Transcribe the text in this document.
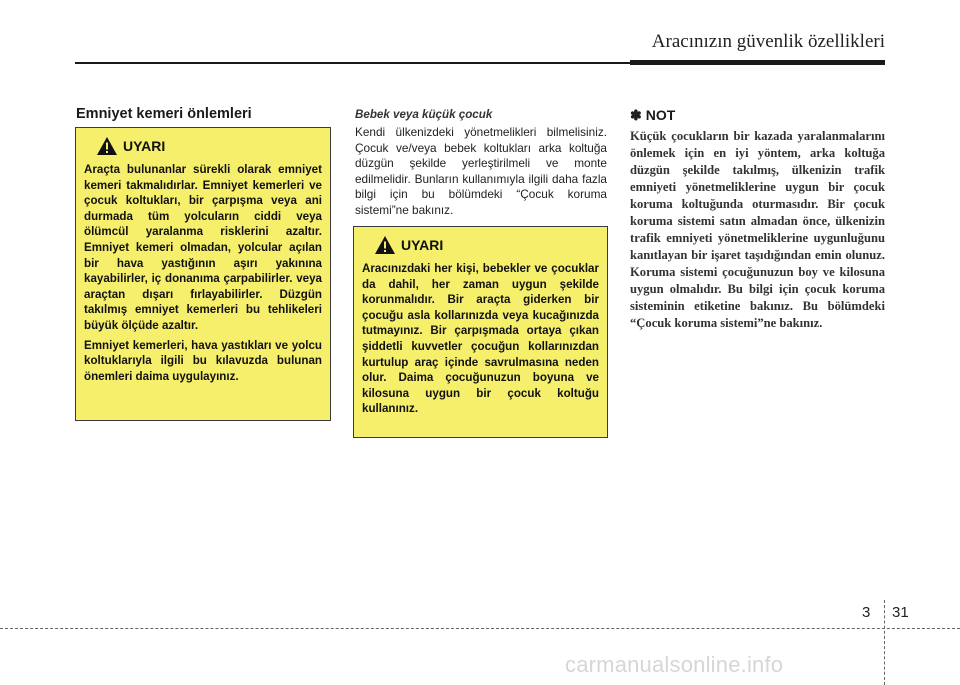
Aracınızın güvenlik özellikleri
Emniyet kemeri önlemleri
UYARI

Araçta bulunanlar sürekli olarak emniyet kemeri takmalıdırlar. Emniyet kemerleri ve çocuk koltukları, bir çarpışma veya ani durmada tüm yolcuların ciddi veya ölümcül yaralanma risklerini azaltır. Emniyet kemeri olmadan, yolcular açılan bir hava yastığının aşırı yakınına kayabilirler, iç donanıma çarpabilirler. veya araçtan dışarı fırlayabilirler. Düzgün takılmış emniyet kemerleri bu tehlikeleri büyük ölçüde azaltır.

Emniyet kemerleri, hava yastıkları ve yolcu koltuklarıyla ilgili bu kılavuzda bulunan önemleri daima uygulayınız.

Bebek veya küçük çocuk

Kendi ülkenizdeki yönetmelikleri bilmelisiniz. Çocuk ve/veya bebek koltukları arka koltuğa düzgün şekilde yerleştirilmeli ve monte edilmelidir. Bunların kullanımıyla ilgili daha fazla bilgi için bu bölümdeki “Çocuk koruma sistemi”ne bakınız.

UYARI

Aracınızdaki her kişi, bebekler ve çocuklar da dahil, her zaman uygun şekilde korunmalıdır. Bir araçta giderken bir çocuğu asla kollarınızda veya kucağınızda tutmayınız. Bir çarpışmada ortaya çıkan şiddetli kuvvetler çocuğun kollarınızdan kurtulup araç içinde savrulmasına neden olur. Daima çocuğunuzun boyuna ve kilosuna uygun bir çocuk koltuğu kullanınız.

✽ NOT

Küçük çocukların bir kazada yaralanmalarını önlemek için en iyi yöntem, arka koltuğa düzgün şekilde takılmış, ülkenizin trafik emniyeti yönetmeliklerine uygun bir çocuk koruma koltuğunda oturmasıdır. Bir çocuk koruma sistemi satın almadan önce, ülkenizin trafik emniyeti yönetmeliklerine uygunluğunu kanıtlayan bir işaret taşıdığından emin olunuz. Koruma sistemi çocuğunuzun boy ve kilosuna uygun olmalıdır. Bu bilgi için çocuk koruma sisteminin etiketine bakınız. Bu bölümdeki “Çocuk koruma sistemi”ne bakınız.

3 31
carmanualsonline.info
